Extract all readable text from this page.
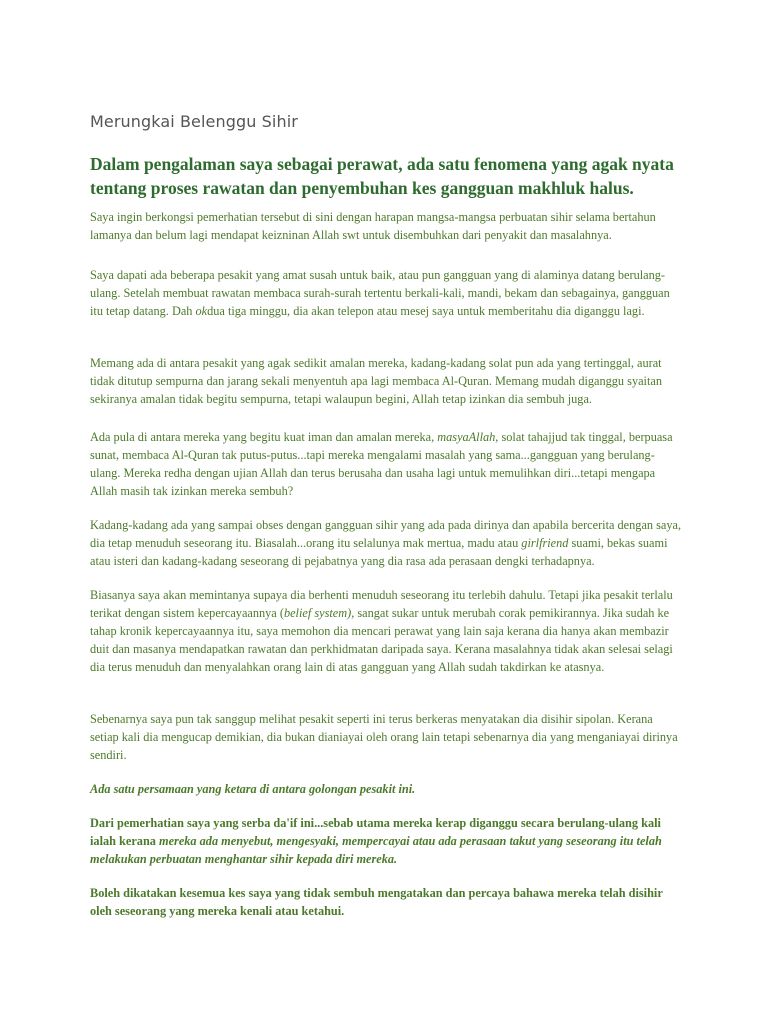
Merungkai Belenggu Sihir

Dalam pengalaman saya sebagai perawat, ada satu fenomena yang agak nyata tentang proses rawatan dan penyembuhan kes gangguan makhluk halus.

Saya ingin berkongsi pemerhatian tersebut di sini dengan harapan mangsa-mangsa perbuatan sihir selama bertahun lamanya dan belum lagi mendapat keizninan Allah swt untuk disembuhkan dari penyakit dan masalahnya.

Saya dapati ada beberapa pesakit yang amat susah untuk baik, atau pun gangguan yang di alaminya datang berulang-ulang. Setelah membuat rawatan membaca surah-surah tertentu berkali-kali, mandi, bekam dan sebagainya, gangguan itu tetap datang. Dah okdua tiga minggu, dia akan telepon atau mesej saya untuk memberitahu dia diganggu lagi.

Memang ada di antara pesakit yang agak sedikit amalan mereka, kadang-kadang solat pun ada yang tertinggal, aurat tidak ditutup sempurna dan jarang sekali menyentuh apa lagi membaca Al-Quran. Memang mudah diganggu syaitan sekiranya amalan tidak begitu sempurna, tetapi walaupun begini, Allah tetap izinkan dia sembuh juga.

Ada pula di antara mereka yang begitu kuat iman dan amalan mereka, masyaAllah, solat tahajjud tak tinggal, berpuasa sunat, membaca Al-Quran tak putus-putus...tapi mereka mengalami masalah yang sama...gangguan yang berulang-ulang. Mereka redha dengan ujian Allah dan terus berusaha dan usaha lagi untuk memulihkan diri...tetapi mengapa Allah masih tak izinkan mereka sembuh?

Kadang-kadang ada yang sampai obses dengan gangguan sihir yang ada pada dirinya dan apabila bercerita dengan saya, dia tetap menuduh seseorang itu. Biasalah...orang itu selalunya mak mertua, madu atau girlfriend suami, bekas suami atau isteri dan kadang-kadang seseorang di pejabatnya yang dia rasa ada perasaan dengki terhadapnya.

Biasanya saya akan memintanya supaya dia berhenti menuduh seseorang itu terlebih dahulu. Tetapi jika pesakit terlalu terikat dengan sistem kepercayaannya (belief system), sangat sukar untuk merubah corak pemikirannya. Jika sudah ke tahap kronik kepercayaannya itu, saya memohon dia mencari perawat yang lain saja kerana dia hanya akan membazir duit dan masanya mendapatkan rawatan dan perkhidmatan daripada saya. Kerana masalahnya tidak akan selesai selagi dia terus menuduh dan menyalahkan orang lain di atas gangguan yang Allah sudah takdirkan ke atasnya.

Sebenarnya saya pun tak sanggup melihat pesakit seperti ini terus berkeras menyatakan dia disihir sipolan. Kerana setiap kali dia mengucap demikian, dia bukan dianiayai oleh orang lain tetapi sebenarnya dia yang menganiayai dirinya sendiri.

Ada satu persamaan yang ketara di antara golongan pesakit ini.

Dari pemerhatian saya yang serba da'if ini...sebab utama mereka kerap diganggu secara berulang-ulang kali ialah kerana mereka ada menyebut, mengesyaki, mempercayai atau ada perasaan takut yang seseorang itu telah melakukan perbuatan menghantar sihir kepada diri mereka.

Boleh dikatakan kesemua kes saya yang tidak sembuh mengatakan dan percaya bahawa mereka telah disihir oleh seseorang yang mereka kenali atau ketahui.
